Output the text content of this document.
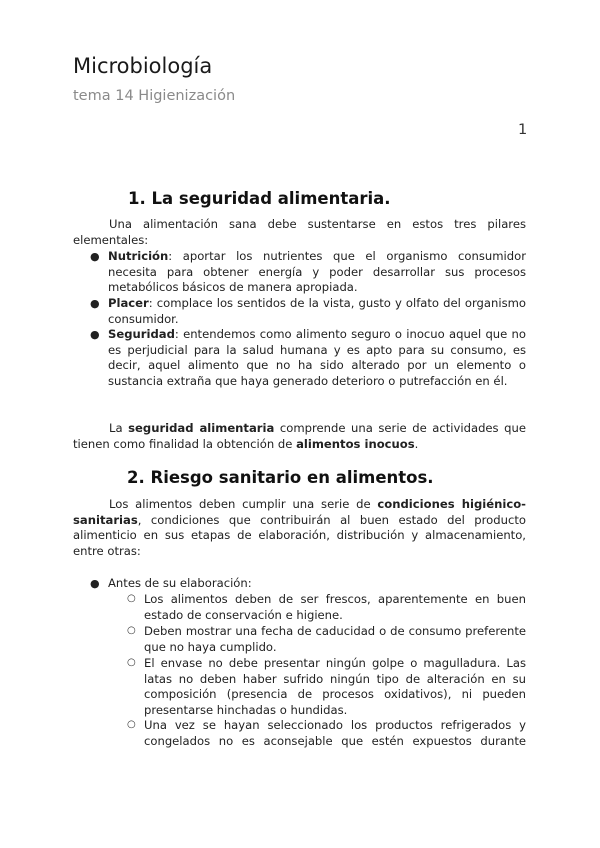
Microbiología
tema 14 Higienización
1
1. La seguridad alimentaria.
Una alimentación sana debe sustentarse en estos tres pilares elementales:
● Nutrición: aportar los nutrientes que el organismo consumidor necesita para obtener energía y poder desarrollar sus procesos metabólicos básicos de manera apropiada.
● Placer: complace los sentidos de la vista, gusto y olfato del organismo consumidor.
● Seguridad: entendemos como alimento seguro o inocuo aquel que no es perjudicial para la salud humana y es apto para su consumo, es decir, aquel alimento que no ha sido alterado por un elemento o sustancia extraña que haya generado deterioro o putrefacción en él.
La seguridad alimentaria comprende una serie de actividades que tienen como finalidad la obtención de alimentos inocuos.
2. Riesgo sanitario en alimentos.
Los alimentos deben cumplir una serie de condiciones higiénico-sanitarias, condiciones que contribuirán al buen estado del producto alimenticio en sus etapas de elaboración, distribución y almacenamiento, entre otras:
● Antes de su elaboración:
○ Los alimentos deben de ser frescos, aparentemente en buen estado de conservación e higiene.
○ Deben mostrar una fecha de caducidad o de consumo preferente que no haya cumplido.
○ El envase no debe presentar ningún golpe o magulladura. Las latas no deben haber sufrido ningún tipo de alteración en su composición (presencia de procesos oxidativos), ni pueden presentarse hinchadas o hundidas.
○ Una vez se hayan seleccionado los productos refrigerados y congelados no es aconsejable que estén expuestos durante
